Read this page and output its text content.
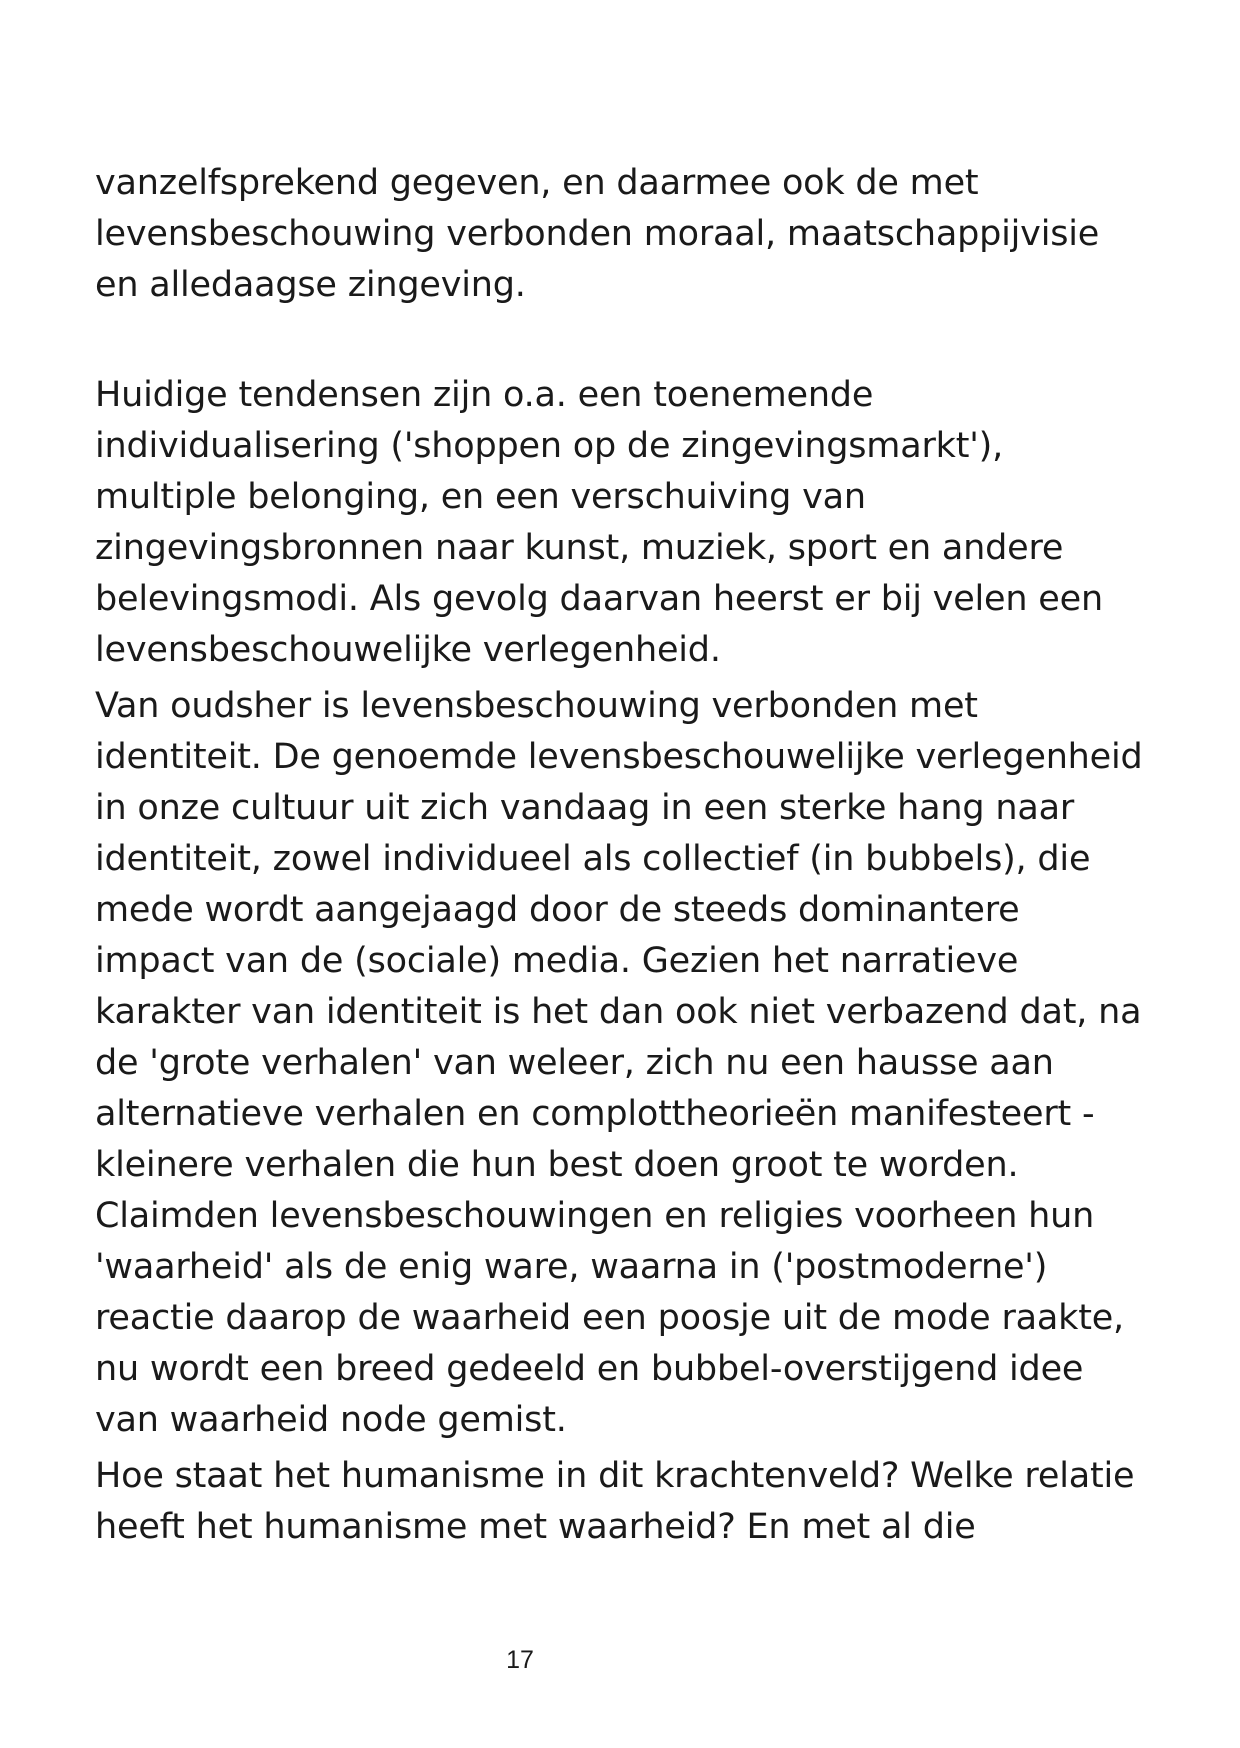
vanzelfsprekend gegeven, en daarmee ook de met

levensbeschouwing verbonden moraal, maatschappijvisie

en alledaagse zingeving.

Huidige tendensen zijn o.a. een toenemende

individualisering ('shoppen op de zingevingsmarkt'),

multiple belonging, en een verschuiving van

zingevingsbronnen naar kunst, muziek, sport en andere

belevingsmodi. Als gevolg daarvan heerst er bij velen een

levensbeschouwelijke verlegenheid.

Van oudsher is levensbeschouwing verbonden met

identiteit. De genoemde levensbeschouwelijke verlegenheid

in onze cultuur uit zich vandaag in een sterke hang naar

identiteit, zowel individueel als collectief (in bubbels), die

mede wordt aangejaagd door de steeds dominantere

impact van de (sociale) media. Gezien het narratieve

karakter van identiteit is het dan ook niet verbazend dat, na

de 'grote verhalen' van weleer, zich nu een hausse aan

alternatieve verhalen en complottheorieën manifesteert -

kleinere verhalen die hun best doen groot te worden.

Claimden levensbeschouwingen en religies voorheen hun

'waarheid' als de enig ware, waarna in ('postmoderne')

reactie daarop de waarheid een poosje uit de mode raakte,

nu wordt een breed gedeeld en bubbel-overstijgend idee

van waarheid node gemist.

Hoe staat het humanisme in dit krachtenveld? Welke relatie

heeft het humanisme met waarheid? En met al die

17
